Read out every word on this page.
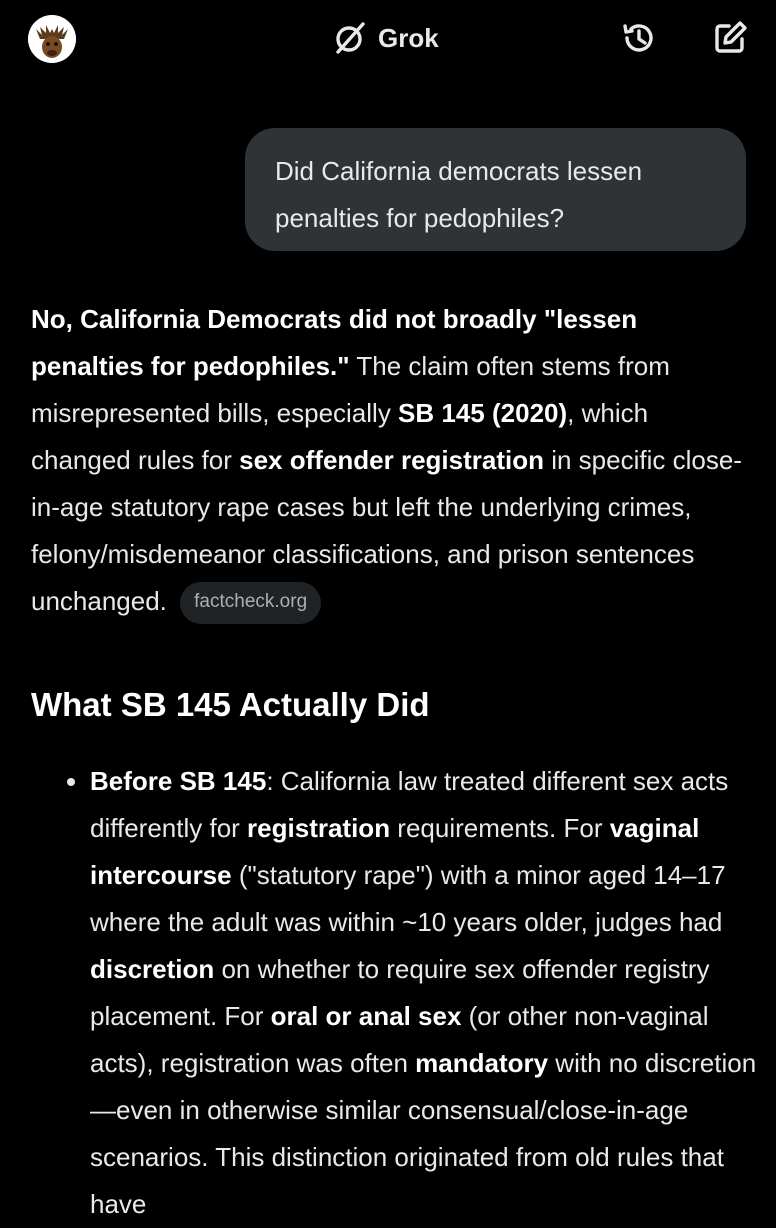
Grok
Did California democrats lessen penalties for pedophiles?

No, California Democrats did not broadly "lessen penalties for pedophiles." The claim often stems from misrepresented bills, especially SB 145 (2020), which changed rules for sex offender registration in specific close-in-age statutory rape cases but left the underlying crimes, felony/misdemeanor classifications, and prison sentences unchanged. factcheck.org

What SB 145 Actually Did
• Before SB 145: California law treated different sex acts differently for registration requirements. For vaginal intercourse ("statutory rape") with a minor aged 14–17 where the adult was within ~10 years older, judges had discretion on whether to require sex offender registry placement. For oral or anal sex (or other non-vaginal acts), registration was often mandatory with no discretion—even in otherwise similar consensual/close-in-age scenarios. This distinction originated from old rules that have
